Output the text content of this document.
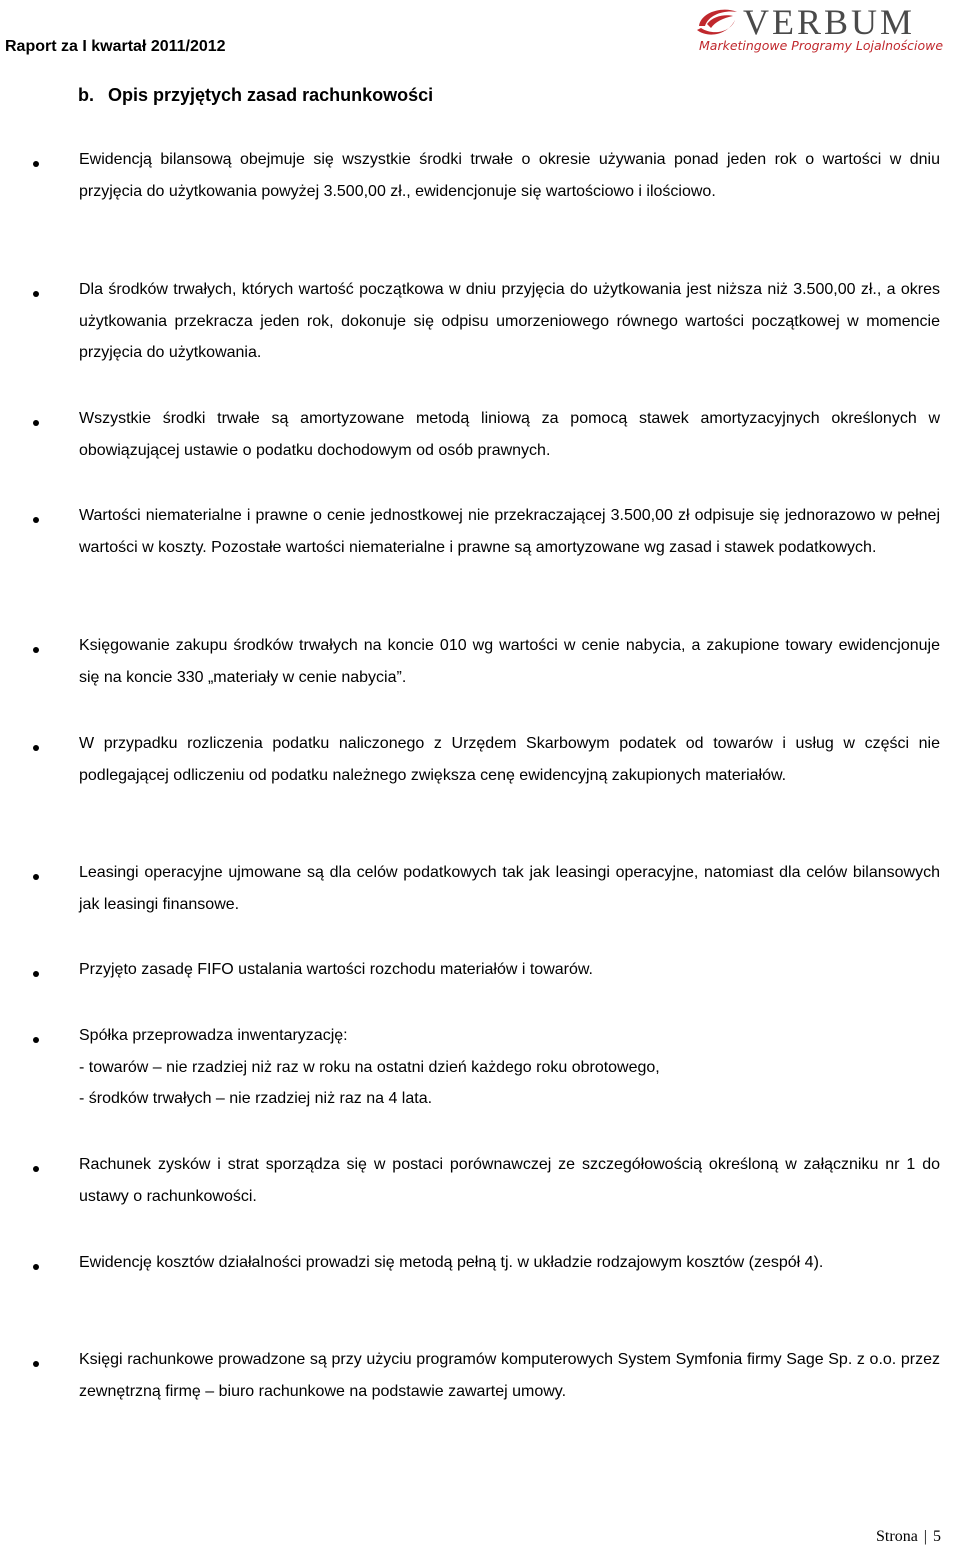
Raport za I kwartał 2011/2012
VERBUM
Marketingowe Programy Lojalnościowe
b. Opis przyjętych zasad rachunkowości

Ewidencją bilansową obejmuje się wszystkie środki trwałe o okresie używania ponad jeden rok o wartości w dniu przyjęcia do użytkowania powyżej 3.500,00 zł., ewidencjonuje się wartościowo i ilościowo.

Dla środków trwałych, których wartość początkowa w dniu przyjęcia do użytkowania jest niższa niż 3.500,00 zł., a okres użytkowania przekracza jeden rok, dokonuje się odpisu umorzeniowego równego wartości początkowej w momencie przyjęcia do użytkowania.

Wszystkie środki trwałe są amortyzowane metodą liniową za pomocą stawek amortyzacyjnych określonych w obowiązującej ustawie o podatku dochodowym od osób prawnych.

Wartości niematerialne i prawne o cenie jednostkowej nie przekraczającej 3.500,00 zł odpisuje się jednorazowo w pełnej wartości w koszty. Pozostałe wartości niematerialne i prawne są amortyzowane wg zasad i stawek podatkowych.

Księgowanie zakupu środków trwałych na koncie 010 wg wartości w cenie nabycia, a zakupione towary ewidencjonuje się na koncie 330 „materiały w cenie nabycia”.

W przypadku rozliczenia podatku naliczonego z Urzędem Skarbowym podatek od towarów i usług w części nie podlegającej odliczeniu od podatku należnego zwiększa cenę ewidencyjną zakupionych materiałów.

Leasingi operacyjne ujmowane są dla celów podatkowych tak jak leasingi operacyjne, natomiast dla celów bilansowych jak leasingi finansowe.

Przyjęto zasadę FIFO ustalania wartości rozchodu materiałów i towarów.

Spółka przeprowadza inwentaryzację:
- towarów – nie rzadziej niż raz w roku na ostatni dzień każdego roku obrotowego,
- środków trwałych – nie rzadziej niż raz na 4 lata.

Rachunek zysków i strat sporządza się w postaci porównawczej ze szczegółowością określoną w załączniku nr 1 do ustawy o rachunkowości.

Ewidencję kosztów działalności prowadzi się metodą pełną tj. w układzie rodzajowym kosztów (zespół 4).

Księgi rachunkowe prowadzone są przy użyciu programów komputerowych System Symfonia firmy Sage Sp. z o.o. przez zewnętrzną firmę – biuro rachunkowe na podstawie zawartej umowy.

Strona | 5
